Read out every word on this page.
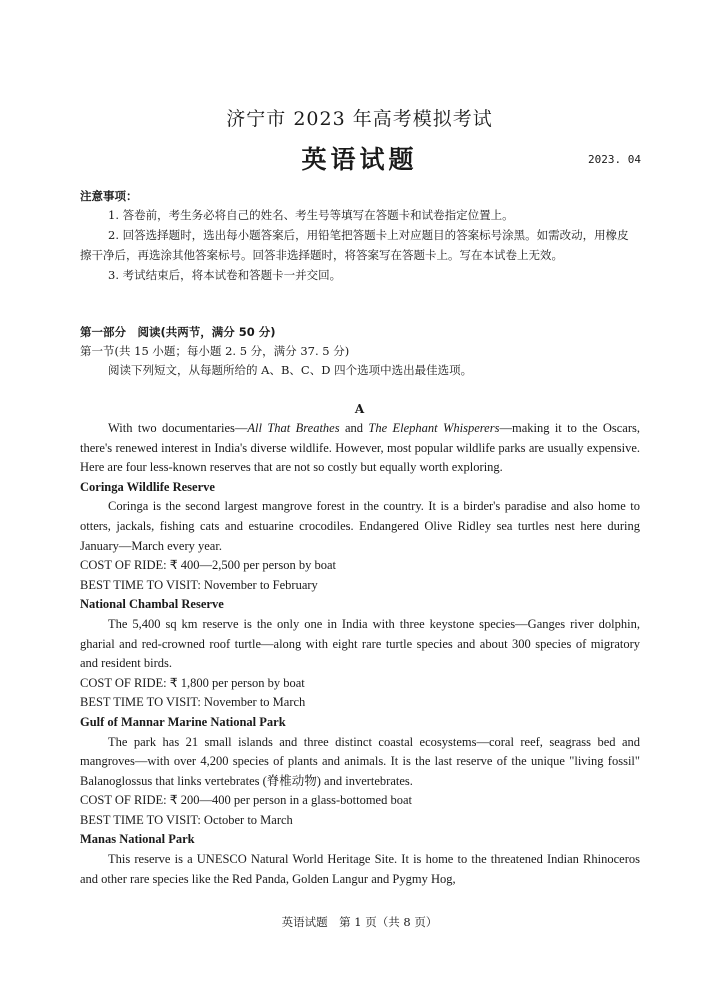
济宁市 2023 年高考模拟考试
英语试题	2023. 04
注意事项：

1. 答卷前，考生务必将自己的姓名、考生号等填写在答题卡和试卷指定位置上。

2. 回答选择题时，选出每小题答案后，用铅笔把答题卡上对应题目的答案标号涂黑。如需改动，用橡皮擦干净后，再选涂其他答案标号。回答非选择题时，将答案写在答题卡上。写在本试卷上无效。

3. 考试结束后，将本试卷和答题卡一并交回。

第一部分　阅读(共两节，满分 50 分)
第一节(共 15 小题；每小题 2. 5 分，满分 37. 5 分)
阅读下列短文，从每题所给的 A、B、C、D 四个选项中选出最佳选项。
A

With two documentaries—All That Breathes and The Elephant Whisperers—making it to the Oscars, there's renewed interest in India's diverse wildlife. However, most popular wildlife parks are usually expensive. Here are four less-known reserves that are not so costly but equally worth exploring.

Coringa Wildlife Reserve

Coringa is the second largest mangrove forest in the country. It is a birder's paradise and also home to otters, jackals, fishing cats and estuarine crocodiles. Endangered Olive Ridley sea turtles nest here during January—March every year.

COST OF RIDE: ₹ 400—2,500 per person by boat

BEST TIME TO VISIT: November to February

National Chambal Reserve

The 5,400 sq km reserve is the only one in India with three keystone species—Ganges river dolphin, gharial and red-crowned roof turtle—along with eight rare turtle species and about 300 species of migratory and resident birds.

COST OF RIDE: ₹ 1,800 per person by boat

BEST TIME TO VISIT: November to March

Gulf of Mannar Marine National Park

The park has 21 small islands and three distinct coastal ecosystems—coral reef, seagrass bed and mangroves—with over 4,200 species of plants and animals. It is the last reserve of the unique "living fossil" Balanoglossus that links vertebrates (脊椎动物) and invertebrates.

COST OF RIDE: ₹ 200—400 per person in a glass-bottomed boat

BEST TIME TO VISIT: October to March

Manas National Park

This reserve is a UNESCO Natural World Heritage Site. It is home to the threatened Indian Rhinoceros and other rare species like the Red Panda, Golden Langur and Pygmy Hog,

英语试题　第 1 页（共 8 页）
